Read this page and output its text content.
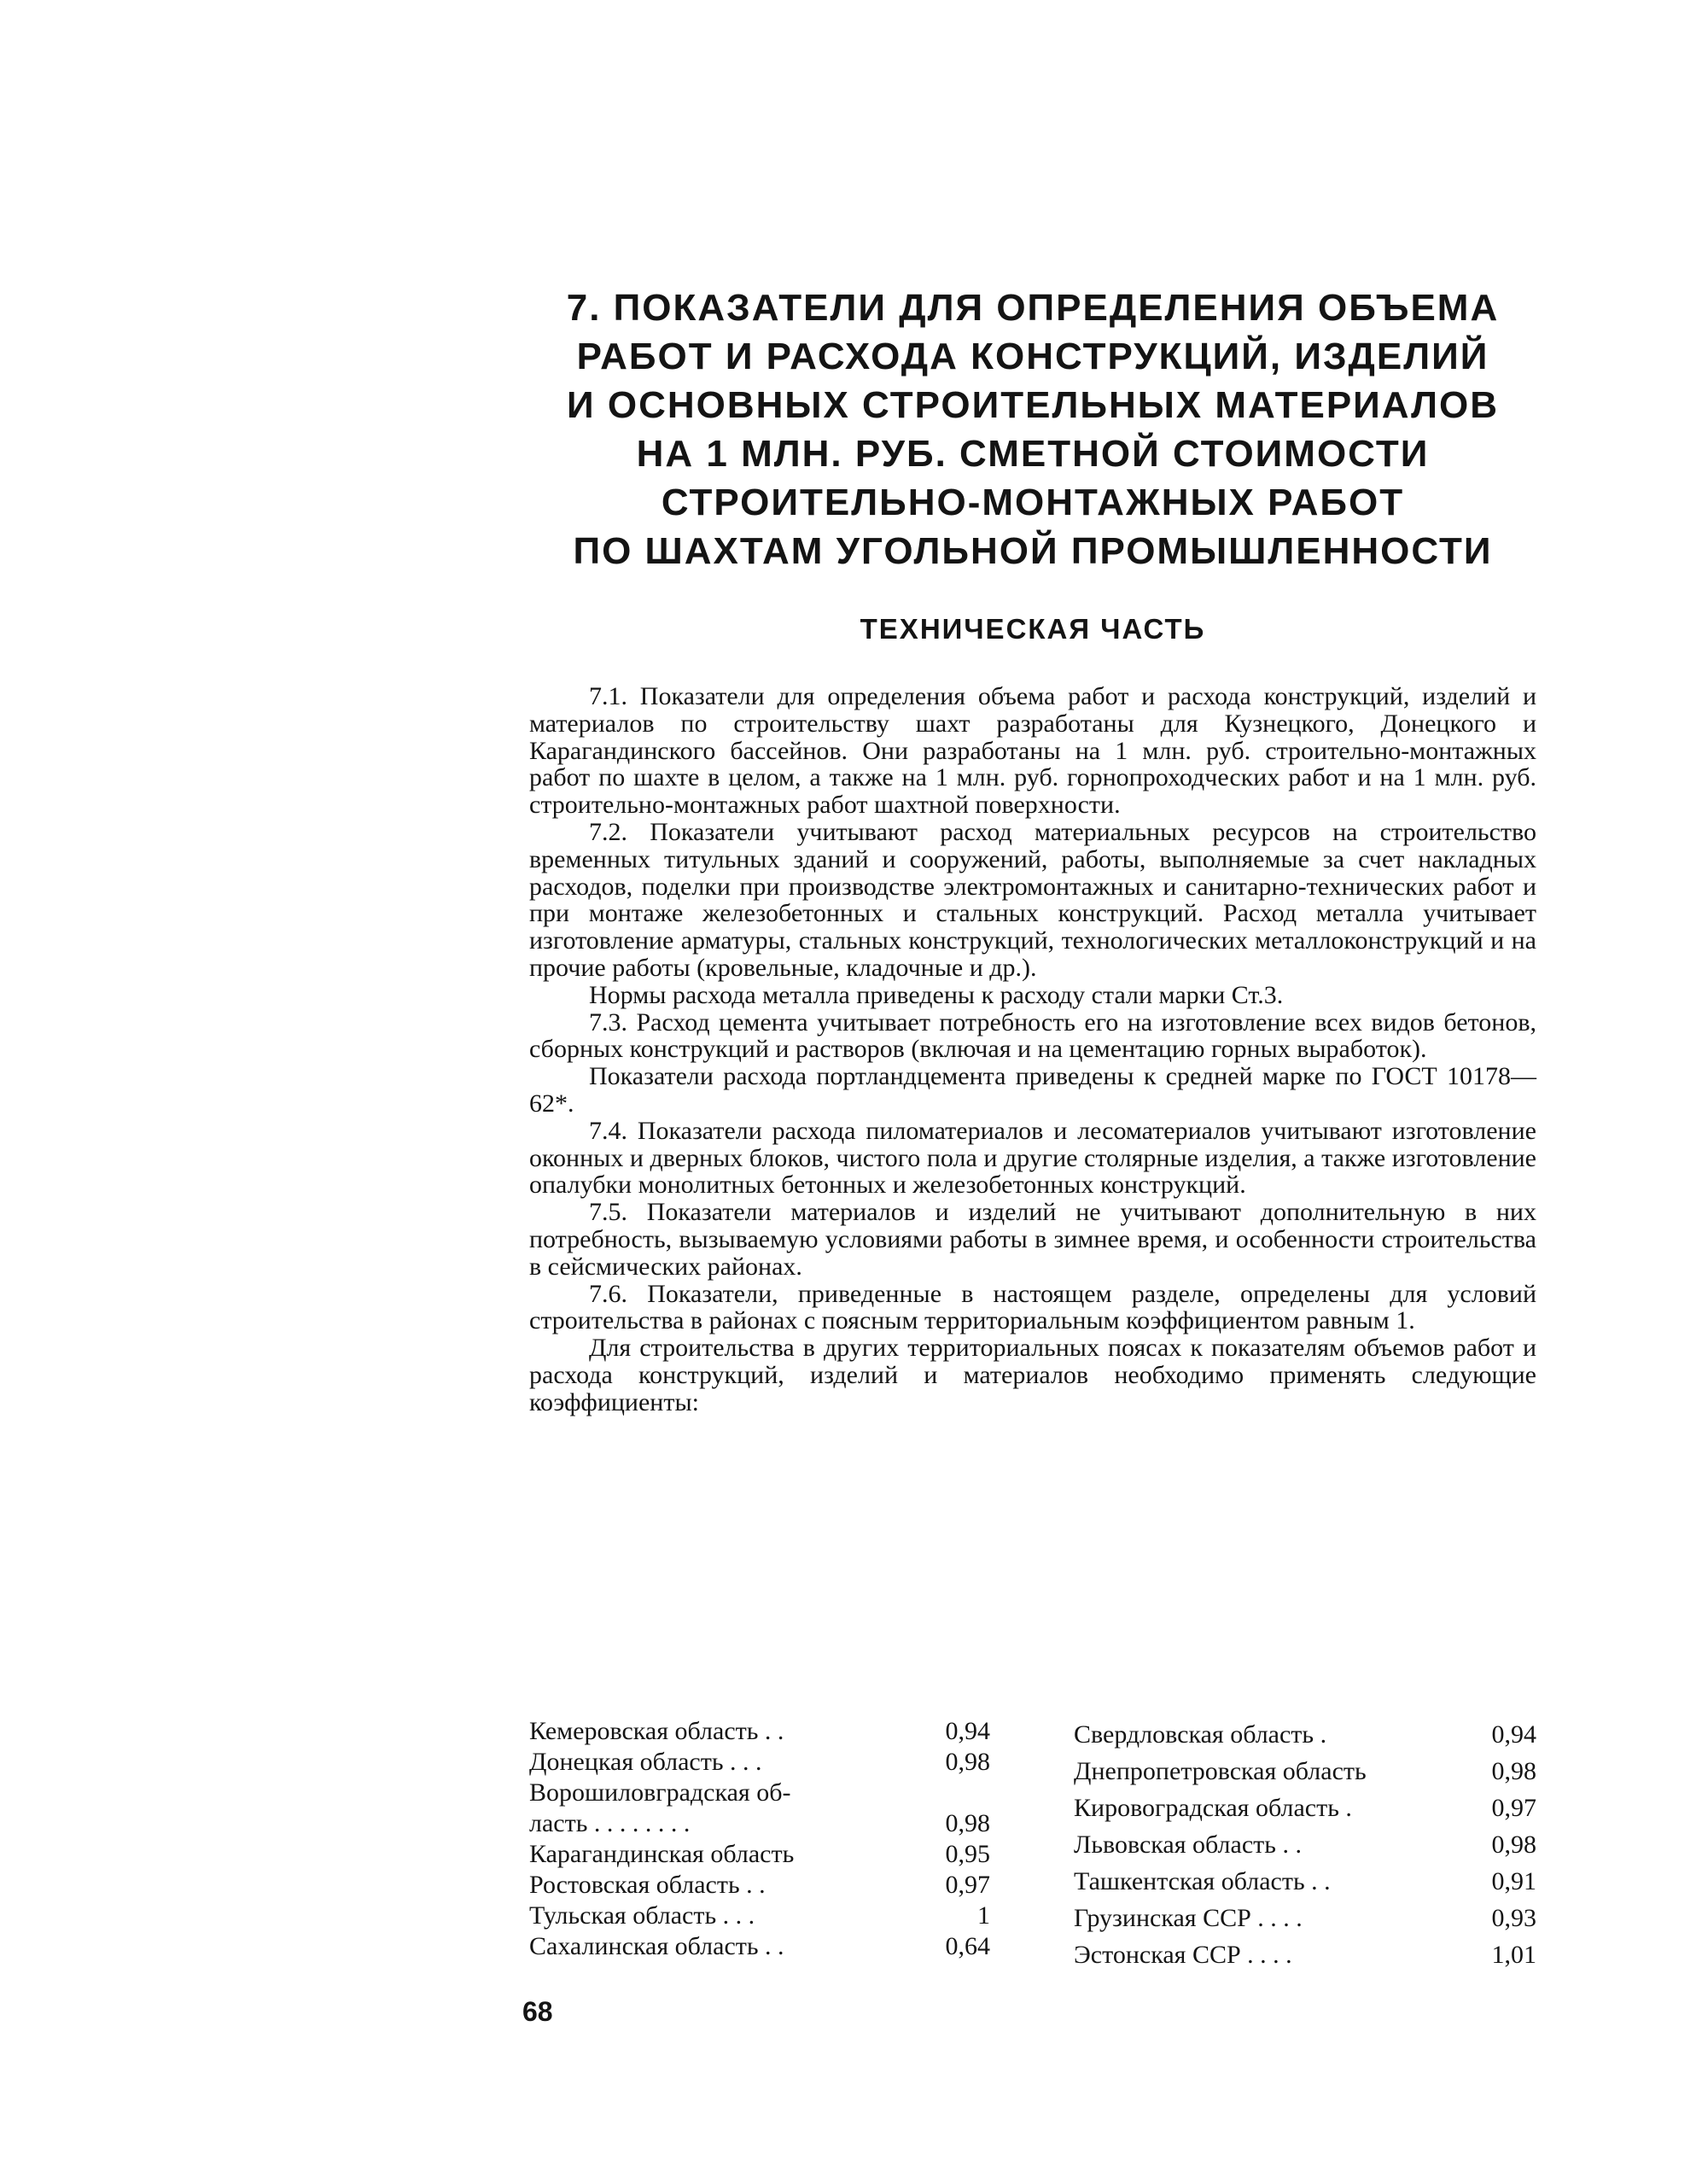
7. ПОКАЗАТЕЛИ ДЛЯ ОПРЕДЕЛЕНИЯ ОБЪЕМА
РАБОТ И РАСХОДА КОНСТРУКЦИЙ, ИЗДЕЛИЙ
И ОСНОВНЫХ СТРОИТЕЛЬНЫХ МАТЕРИАЛОВ
НА 1 МЛН. РУБ. СМЕТНОЙ СТОИМОСТИ
СТРОИТЕЛЬНО-МОНТАЖНЫХ РАБОТ
ПО ШАХТАМ УГОЛЬНОЙ ПРОМЫШЛЕННОСТИ
ТЕХНИЧЕСКАЯ ЧАСТЬ

7.1. Показатели для определения объема работ и расхода конструкций, изделий и материалов по строительству шахт разработаны для Кузнецкого, Донецкого и Карагандинского бассейнов. Они разработаны на 1 млн. руб. строительно-монтажных работ по шахте в целом, а также на 1 млн. руб. горнопроходческих работ и на 1 млн. руб. строительно-монтажных работ шахтной поверхности.

7.2. Показатели учитывают расход материальных ресурсов на строительство временных титульных зданий и сооружений, работы, выполняемые за счет накладных расходов, поделки при производстве электромонтажных и санитарно-технических работ и при монтаже железобетонных и стальных конструкций. Расход металла учитывает изготовление арматуры, стальных конструкций, технологических металлоконструкций и на прочие работы (кровельные, кладочные и др.).

Нормы расхода металла приведены к расходу стали марки Ст.3.

7.3. Расход цемента учитывает потребность его на изготовление всех видов бетонов, сборных конструкций и растворов (включая и на цементацию горных выработок).

Показатели расхода портландцемента приведены к средней марке по ГОСТ 10178—62*.

7.4. Показатели расхода пиломатериалов и лесоматериалов учитывают изготовление оконных и дверных блоков, чистого пола и другие столярные изделия, а также изготовление опалубки монолитных бетонных и железобетонных конструкций.

7.5. Показатели материалов и изделий не учитывают дополнительную в них потребность, вызываемую условиями работы в зимнее время, и особенности строительства в сейсмических районах.

7.6. Показатели, приведенные в настоящем разделе, определены для условий строительства в районах с поясным территориальным коэффициентом равным 1.

Для строительства в других территориальных поясах к показателям объемов работ и расхода конструкций, изделий и материалов необходимо применять следующие коэффициенты:

Кемеровская область . .	0,94
Донецкая область . . .	0,98
Ворошиловградская об-
ласть . . . . . . . .	0,98
Карагандинская область	0,95
Ростовская область . .	0,97
Тульская область . . .	1
Сахалинская область . .	0,64
Свердловская область .	0,94
Днепропетровская область	0,98
Кировоградская область .	0,97
Львовская область . .	0,98
Ташкентская область . .	0,91
Грузинская ССР . . . .	0,93
Эстонская ССР . . . .	1,01
68
